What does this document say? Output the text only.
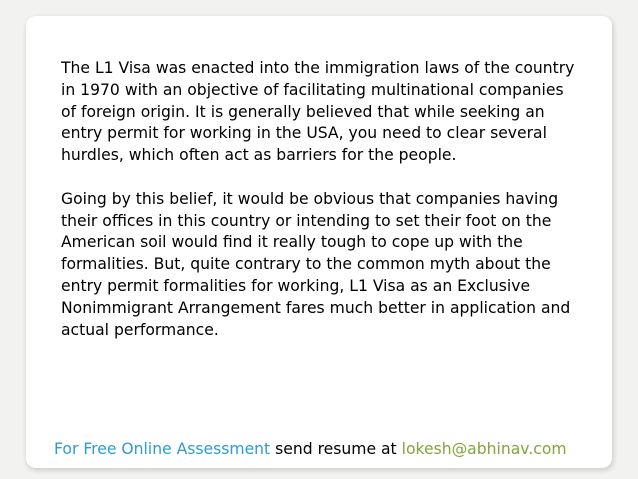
The L1 Visa was enacted into the immigration laws of the country in 1970 with an objective of facilitating multinational companies of foreign origin. It is generally believed that while seeking an entry permit for working in the USA, you need to clear several hurdles, which often act as barriers for the people.

Going by this belief, it would be obvious that companies having their offices in this country or intending to set their foot on the American soil would find it really tough to cope up with the formalities. But, quite contrary to the common myth about the entry permit formalities for working, L1 Visa as an Exclusive Nonimmigrant Arrangement fares much better in application and actual performance.

For Free Online Assessment send resume at lokesh@abhinav.com
